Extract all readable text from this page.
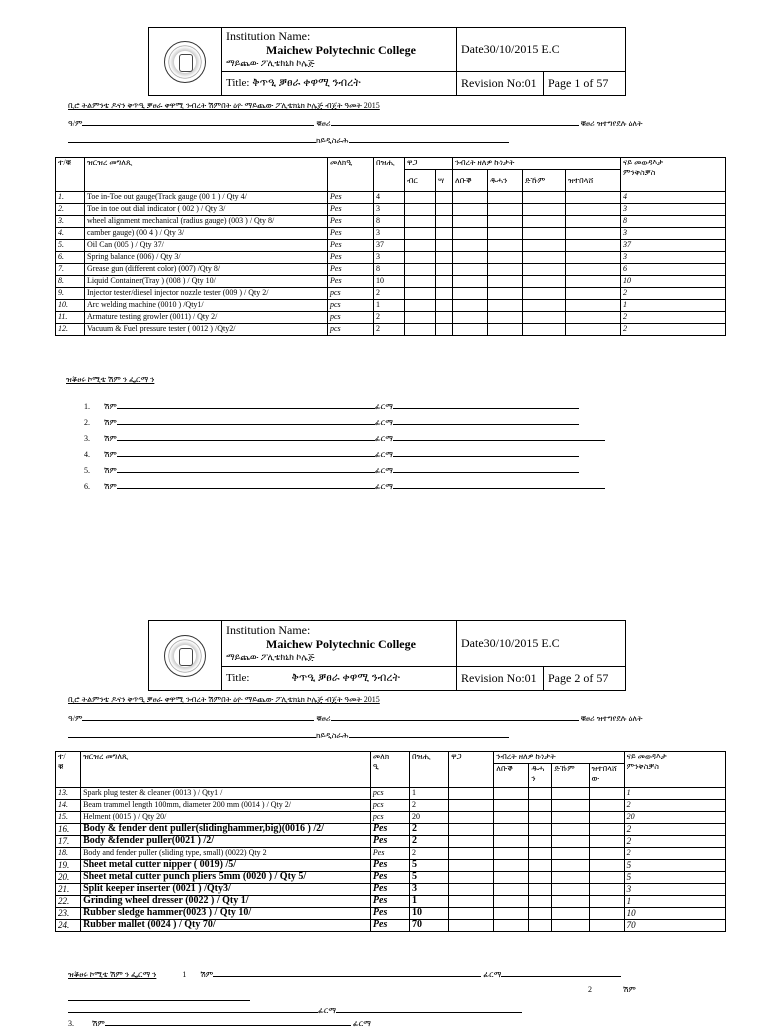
	Institution Name:
Maichew Polytechnic College
ማይጨው ፖሊቴክኒክ ኮሌጅ	Date30/10/2015 E.C	
	Title: ቅጥዒ ቓፀራ ቀዋሚ ንብረት	Revision No:01	Page 1 of 57
ቢሮ ትልምንቴ ዶናን ቅጥዒ ቓፀራ ቀዋሚ ንብረት ሽምበት ዕዮ ማይጨው ፖሊቴክኒክ ኮሌጅ ብጀት ዓመት 2015
ዓ/ም	ቑፀሪ	ቑፀሪ ዝተግየደሉ ዕለት
ክይዲስራሕ
ተ/ቑ	ዝርዝረ መግለጺ	መለክዒ	በዝሒ	ዋጋ		ንብረት ዘለዎ ኩነታት				ናይ መወዳእታ
ምንቅስቓስ
				ብር	ሣ	ለቡቕ	ዱሓን	ድኹም	ዝተበላሸ	
1.	Toe in-Toe out gauge(Track gauge (00 1 ) / Qty 4/	Pes	4							4
2.	Toe in toe out dial indicator ( 002 ) / Qty 3/	Pes	3							3
3.	wheel alignment mechanical (radius gauge) (003 ) / Qty 8/	Pes	8							8
4.	camber gauge) (00 4 ) / Qty 3/	Pes	3							3
5.	Oil Can (005 ) / Qty 37/	Pes	37							37
6.	Spring balance (006) / Qty 3/	Pes	3							3
7.	Grease gun (different color) (007) /Qty 8/	Pes	8							6
8.	Liquid Container(Tray ) (008 ) / Qty 10/	Pes	10							10
9.	Injector tester/diesel injector nozzle tester (009 ) / Qty 2/	pcs	2							2
10.	Arc welding machine (0010 ) /Qty1/	pcs	1							1
11.	Armature testing growler (0011) / Qty 2/	pcs	2							2
12.	Vacuum & Fuel pressure tester ( 0012 ) /Qty2/	pcs	2							2
ዝቖፀሩ ኮሚቴ ሽም ን ፌርማ ን
1. ሽም	ፊርማ
2. ሽም	ፊርማ
3. ሽም	ፊርማ
4. ሽም	ፊርማ
5. ሽም	ፊርማ
6. ሽም	ፊርማ

	Institution Name:
Maichew Polytechnic College
ማይጨው ፖሊቴክኒክ ኮሌጅ	Date30/10/2015 E.C	
	Title: ቅጥዒ ቓፀራ ቀዋሚ ንብረት	Revision No:01	Page 2 of 57
ቢሮ ትልምንቴ ዶናን ቅጥዒ ቓፀራ ቀዋሚ ንብረት ሽምበት ዕዮ ማይጨው ፖሊቴክኒክ ኮሌጅ ብጀት ዓመት 2015
ዓ/ም	ቑፀሪ	ቑፀሪ ዝተግየደሉ ዕለት
ክይዲስራሕ
ተ/
ቑ	ዝርዝረ መግለጺ	መለክ
ዒ	በዝሒ	ዋጋ	ንብረት ዘለዎ ኩነታት				ናይ መወዳእታ
ምንቅስቓስ
					ለቡቕ	ዱሓ
ን	ድኹም	ዝተበላሸ
ው	
13.	Spark plug tester & cleaner (0013 ) / Qty1 /	pcs	1						1
14.	Beam trammel length 100mm, diameter 200 mm (0014 ) / Qty 2/	pcs	2						2
15.	Helment (0015 ) / Qty 20/	pcs	20						20
16.	Body & fender dent puller(slidinghammer,big)(0016 ) /2/	Pes	2						2
17.	Body &fender puller(0021 ) /2/	Pes	2						2
18.	Body and fender puller (sliding type, small) (0022) Qty 2	Pes	2						2
19.	Sheet metal cutter nipper ( 0019) /5/	Pes	5						5
20.	Sheet metal cutter punch pliers 5mm (0020 ) / Qty 5/	Pes	5						5
21.	Split keeper inserter (0021 ) /Qty3/	Pes	3						3
22.	Grinding wheel dresser (0022 ) / Qty 1/	Pes	1						1
23.	Rubber sledge hammer(0023 ) / Qty 10/	Pes	10						10
24.	Rubber mallet (0024 ) / Qty 70/	Pes	70						70
ዝቖፀሩ ኮሚቴ ሽም ን ፌርማ ን	1 ሽም	ፊርማ
2	ሽም
ፊርማ
3. ሽም	ፊርማ
